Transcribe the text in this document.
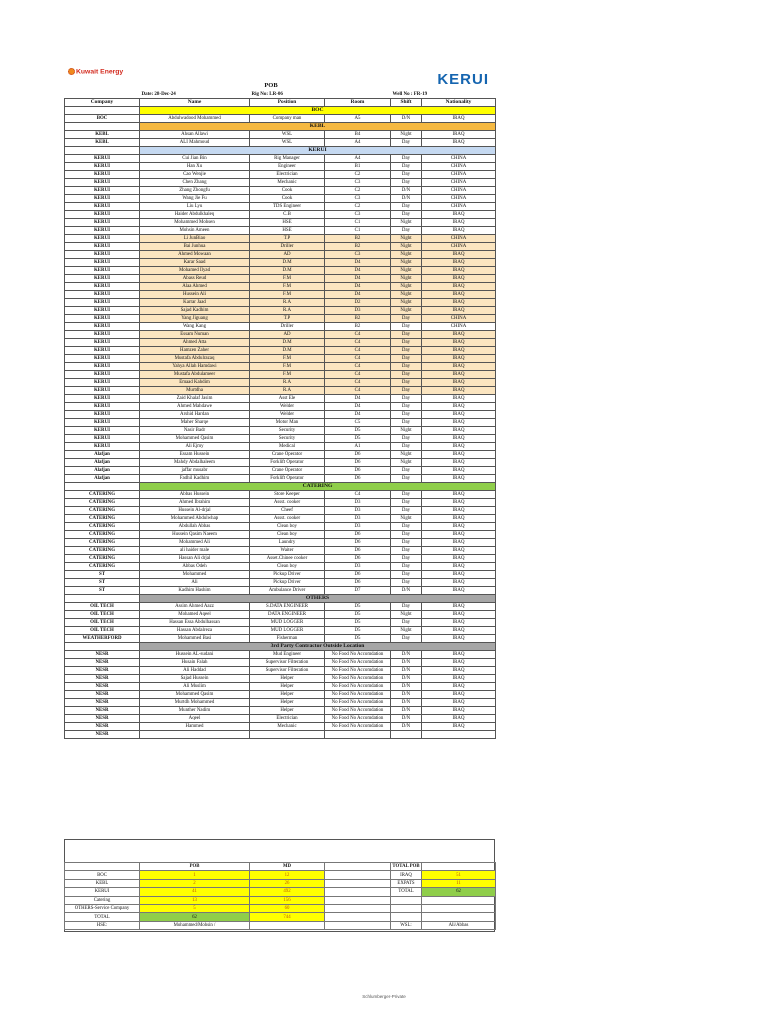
Kuwait Energy	KERUI
POB
	Date: 28-Dec-24	Rig No: LR-06		Well No : FR-19	
Company	Name	Position	Room	Shift	Nationality
	BOC				
BOC	Abdulwadood Mohammed	Company man	A5	D/N	IRAQ
	KEBL				
KEBL	Ahsan Allawi	WSL	B4	Night	IRAQ
KEBL	ALI Mahmoud	WSL	A4	Day	IRAQ
	KERUI				
KERUI	Cui Jian Bin	Rig Manager	A4	Day	CHINA
KERUI	Han Xu	Engineer	B1	Day	CHINA
KERUI	Cao Wenjie	Electrician	C2	Day	CHINA
KERUI	Chen Zhang	Mechanic	C3	Day	CHINA
KERUI	Zhang Zhongfu	Cook	C2	D/N	CHINA
KERUI	Wang Jie Fu	Cook	C3	D/N	CHINA
KERUI	Liu Lyu	TDS Engineer	C2	Day	CHINA
KERUI	Haider Abdulkhaleq	C.B	C3	Day	IRAQ
KERUI	Mohammed Mohsen	HSE	C1	Night	IRAQ
KERUI	Mohsin Ameen	HSE	C1	Day	IRAQ
KERUI	Li JunBiao	T.P	B2	Night	CHINA
KERUI	Bai Junhua	Driller	B2	Night	CHINA
KERUI	Ahmed Mowaan	AD	C3	Night	IRAQ
KERUI	Karar Saad	D.M	D4	Night	IRAQ
KERUI	Mohamed Ilyad	D.M	D4	Night	IRAQ
KERUI	Abass Reud	F.M	D4	Night	IRAQ
KERUI	Alaa Ahmed	F.M	D4	Night	IRAQ
KERUI	Hussein Ali	F.M	D4	Night	IRAQ
KERUI	Karrar Jaad	R.A	D2	Night	IRAQ
KERUI	Sajad Kadhim	R.A	D3	Night	IRAQ
KERUI	Yang Jiguang	T.P	B2	Day	CHINA
KERUI	Wang Kang	Driller	B2	Day	CHINA
KERUI	Essam Numan	AD	C4	Day	IRAQ
KERUI	Ahmed Atta	D.M	C4	Day	IRAQ
KERUI	Hamzen Zaher	D.M	C4	Day	IRAQ
KERUI	Mustafa Abdulrazaq	F.M	C4	Day	IRAQ
KERUI	Yahya Allah Hamdawi	F.M	C4	Day	IRAQ
KERUI	Mustafa Abdulameer	F.M	C4	Day	IRAQ
KERUI	Emaad Kahdim	R.A	C4	Day	IRAQ
KERUI	Murtdha	R.A	C4	Day	IRAQ
KERUI	Zaid Khalaf Jasim	Asst Ele	D4	Day	IRAQ
KERUI	Ahmed Mahdawe	Welder	D4	Day	IRAQ
KERUI	Arshid Hardan	Welder	D4	Day	IRAQ
KERUI	Maher Sharqe	Motor Man	C5	Day	IRAQ
KERUI	Nasir Badr	Security	D5	Night	IRAQ
KERUI	Mohammed Qasim	Security	D5	Day	IRAQ
KERUI	Ali Ejmy	Medical	A1	Day	IRAQ
Alafjan	Essam Hussein	Crane Operator	D6	Night	IRAQ
Alafjan	Mahdy Abdalhaleem	Forklift Operator	D6	Night	IRAQ
Alafjan	jaffar musabr	Crane Operator	D6	Day	IRAQ
Alafjan	Fadhil Kadhim	Forklift Operator	D6	Day	IRAQ
	CATERING				
CATERING	Abbas Hussein	Store Keeper	C4	Day	IRAQ
CATERING	Ahmed Ibrahim	Assst. cooker	D3	Day	IRAQ
CATERING	Hussein Al-drjal	Cheef	D3	Day	IRAQ
CATERING	Mohammed Abdulwhap	Assst. cooker	D3	Night	IRAQ
CATERING	Abdullah Abbas	Clean boy	D3	Day	IRAQ
CATERING	Hussein Qasim Naeem	Clean boy	D6	Day	IRAQ
CATERING	Mohammed Ali	Laundry	D6	Day	IRAQ
CATERING	ali haider male	Waiter	D6	Day	IRAQ
CATERING	Hassan Ali drjal	Asset.Chinee cooker	D6	Day	IRAQ
CATERING	Abbas Odeh	Clean boy	D3	Day	IRAQ
ST	Mohammed	Pickup Driver	D6	Day	IRAQ
ST	Ali	Pickup Driver	D6	Day	IRAQ
ST	Kadhim Hashim	Ambulance Driver	D7	D/N	IRAQ
	OTHERS				
OIL TECH	Assim Ahmed Aazz	S.DATA ENGINEER	D5	Day	IRAQ
OIL TECH	Mohamed Aqeel	DATA ENGINEER	D5	Night	IRAQ
OIL TECH	Hassan Essa Abdulhassan	MUD LOGGER	D5	Day	IRAQ
OIL TECH	Hassan Abdalreza	MUD LOGGER	D5	Night	IRAQ
WEATHERFORD	Mohammed Basi	Fisherman	D5	Day	IRAQ
	3rd Party Contractor Outside Location				
NESR	Hussein AL-sudani	Mud Engineer	No Food No Accomdation	D/N	IRAQ
NESR	Husain Falah	Supervisor Filteration	No Food No Accomdation	D/N	IRAQ
NESR	Ali Haddad	Supervisor Filteration	No Food No Accomdation	D/N	IRAQ
NESR	Sajad Hussein	Helper	No Food No Accomdation	D/N	IRAQ
NESR	Ali Muslim	Helper	No Food No Accomdation	D/N	IRAQ
NESR	Mohammed Qasim	Helper	No Food No Accomdation	D/N	IRAQ
NESR	Murtdh Mohammed	Helper	No Food No Accomdation	D/N	IRAQ
NESR	Munther Nadim	Helper	No Food No Accomdation	D/N	IRAQ
NESR	Aqeel	Electrician	No Food No Accomdation	D/N	IRAQ
NESR	Hammed	Mechanic	No Food No Accomdation	D/N	IRAQ
NESR					
	POB	MD		TOTAL POB	
BOC	1	12		IRAQ	51
KEBL	2	26		EXPATS	11
KERUI	41	492		TOTAL	62
Catering	13	156			
OTHERS-Service Company	5	60			
TOTAL	62	744			
HSE:	Mohammed/Mohsin /			WSL:	Ali/Abbas
Schlumberger-Private
